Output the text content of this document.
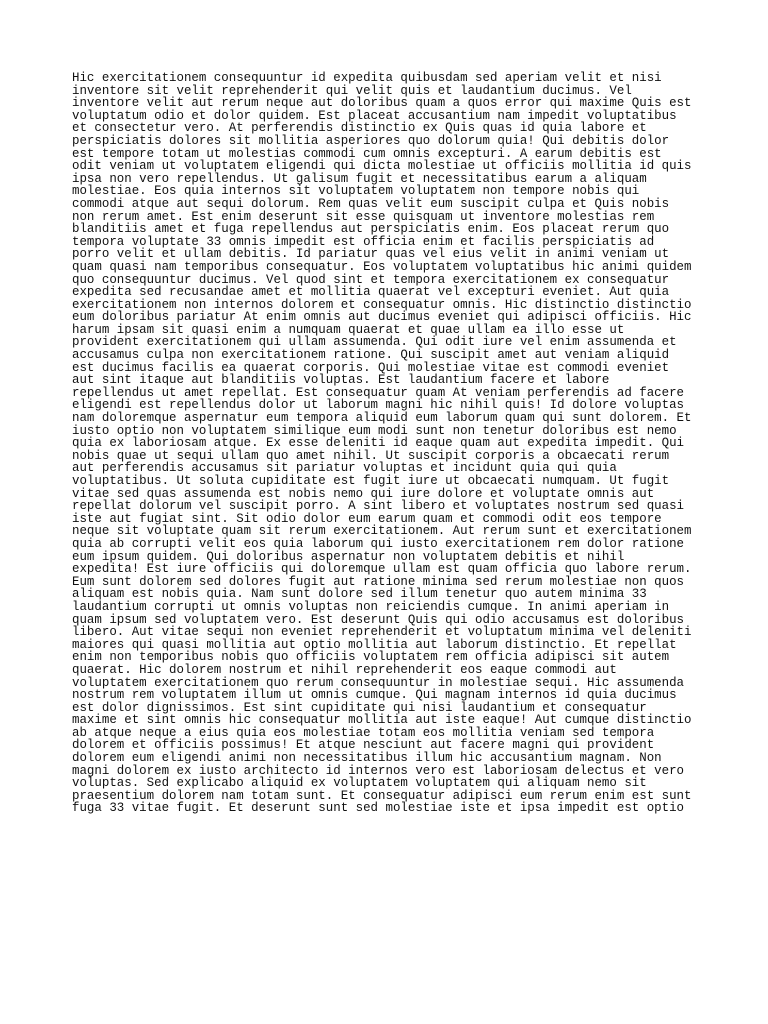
Hic exercitationem consequuntur id expedita quibusdam sed aperiam velit et nisi
inventore sit velit reprehenderit qui velit quis et laudantium ducimus. Vel
inventore velit aut rerum neque aut doloribus quam a quos error qui maxime Quis est
voluptatum odio et dolor quidem. Est placeat accusantium nam impedit voluptatibus
et consectetur vero. At perferendis distinctio ex Quis quas id quia labore et
perspiciatis dolores sit mollitia asperiores quo dolorum quia! Qui debitis dolor
est tempore totam ut molestias commodi cum omnis excepturi. A earum debitis est
odit veniam ut voluptatem eligendi qui dicta molestiae ut officiis mollitia id quis
ipsa non vero repellendus. Ut galisum fugit et necessitatibus earum a aliquam
molestiae. Eos quia internos sit voluptatem voluptatem non tempore nobis qui
commodi atque aut sequi dolorum. Rem quas velit eum suscipit culpa et Quis nobis
non rerum amet. Est enim deserunt sit esse quisquam ut inventore molestias rem
blanditiis amet et fuga repellendus aut perspiciatis enim. Eos placeat rerum quo
tempora voluptate 33 omnis impedit est officia enim et facilis perspiciatis ad
porro velit et ullam debitis. Id pariatur quas vel eius velit in animi veniam ut
quam quasi nam temporibus consequatur. Eos voluptatem voluptatibus hic animi quidem
quo consequuntur ducimus. Vel quod sint et tempora exercitationem ex consequatur
expedita sed recusandae amet et mollitia quaerat vel excepturi eveniet. Aut quia
exercitationem non internos dolorem et consequatur omnis. Hic distinctio distinctio
eum doloribus pariatur At enim omnis aut ducimus eveniet qui adipisci officiis. Hic
harum ipsam sit quasi enim a numquam quaerat et quae ullam ea illo esse ut
provident exercitationem qui ullam assumenda. Qui odit iure vel enim assumenda et
accusamus culpa non exercitationem ratione. Qui suscipit amet aut veniam aliquid
est ducimus facilis ea quaerat corporis. Qui molestiae vitae est commodi eveniet
aut sint itaque aut blanditiis voluptas. Est laudantium facere et labore
repellendus ut amet repellat. Est consequatur quam At veniam perferendis ad facere
eligendi est repellendus dolor ut laborum magni hic nihil quis! Id dolore voluptas
nam doloremque aspernatur eum tempora aliquid eum laborum quam qui sunt dolorem. Et
iusto optio non voluptatem similique eum modi sunt non tenetur doloribus est nemo
quia ex laboriosam atque. Ex esse deleniti id eaque quam aut expedita impedit. Qui
nobis quae ut sequi ullam quo amet nihil. Ut suscipit corporis a obcaecati rerum
aut perferendis accusamus sit pariatur voluptas et incidunt quia qui quia
voluptatibus. Ut soluta cupiditate est fugit iure ut obcaecati numquam. Ut fugit
vitae sed quas assumenda est nobis nemo qui iure dolore et voluptate omnis aut
repellat dolorum vel suscipit porro. A sint libero et voluptates nostrum sed quasi
iste aut fugiat sint. Sit odio dolor eum earum quam et commodi odit eos tempore
neque sit voluptate quam sit rerum exercitationem. Aut rerum sunt et exercitationem
quia ab corrupti velit eos quia laborum qui iusto exercitationem rem dolor ratione
eum ipsum quidem. Qui doloribus aspernatur non voluptatem debitis et nihil
expedita! Est iure officiis qui doloremque ullam est quam officia quo labore rerum.
Eum sunt dolorem sed dolores fugit aut ratione minima sed rerum molestiae non quos
aliquam est nobis quia. Nam sunt dolore sed illum tenetur quo autem minima 33
laudantium corrupti ut omnis voluptas non reiciendis cumque. In animi aperiam in
quam ipsum sed voluptatem vero. Est deserunt Quis qui odio accusamus est doloribus
libero. Aut vitae sequi non eveniet reprehenderit et voluptatum minima vel deleniti
maiores qui quasi mollitia aut optio mollitia aut laborum distinctio. Et repellat
enim non temporibus nobis quo officiis voluptatem rem officia adipisci sit autem
quaerat. Hic dolorem nostrum et nihil reprehenderit eos eaque commodi aut
voluptatem exercitationem quo rerum consequuntur in molestiae sequi. Hic assumenda
nostrum rem voluptatem illum ut omnis cumque. Qui magnam internos id quia ducimus
est dolor dignissimos. Est sint cupiditate qui nisi laudantium et consequatur
maxime et sint omnis hic consequatur mollitia aut iste eaque! Aut cumque distinctio
ab atque neque a eius quia eos molestiae totam eos mollitia veniam sed tempora
dolorem et officiis possimus! Et atque nesciunt aut facere magni qui provident
dolorem eum eligendi animi non necessitatibus illum hic accusantium magnam. Non
magni dolorem ex iusto architecto id internos vero est laboriosam delectus et vero
voluptas. Sed explicabo aliquid ex voluptatem voluptatem qui aliquam nemo sit
praesentium dolorem nam totam sunt. Et consequatur adipisci eum rerum enim est sunt
fuga 33 vitae fugit. Et deserunt sunt sed molestiae iste et ipsa impedit est optio
